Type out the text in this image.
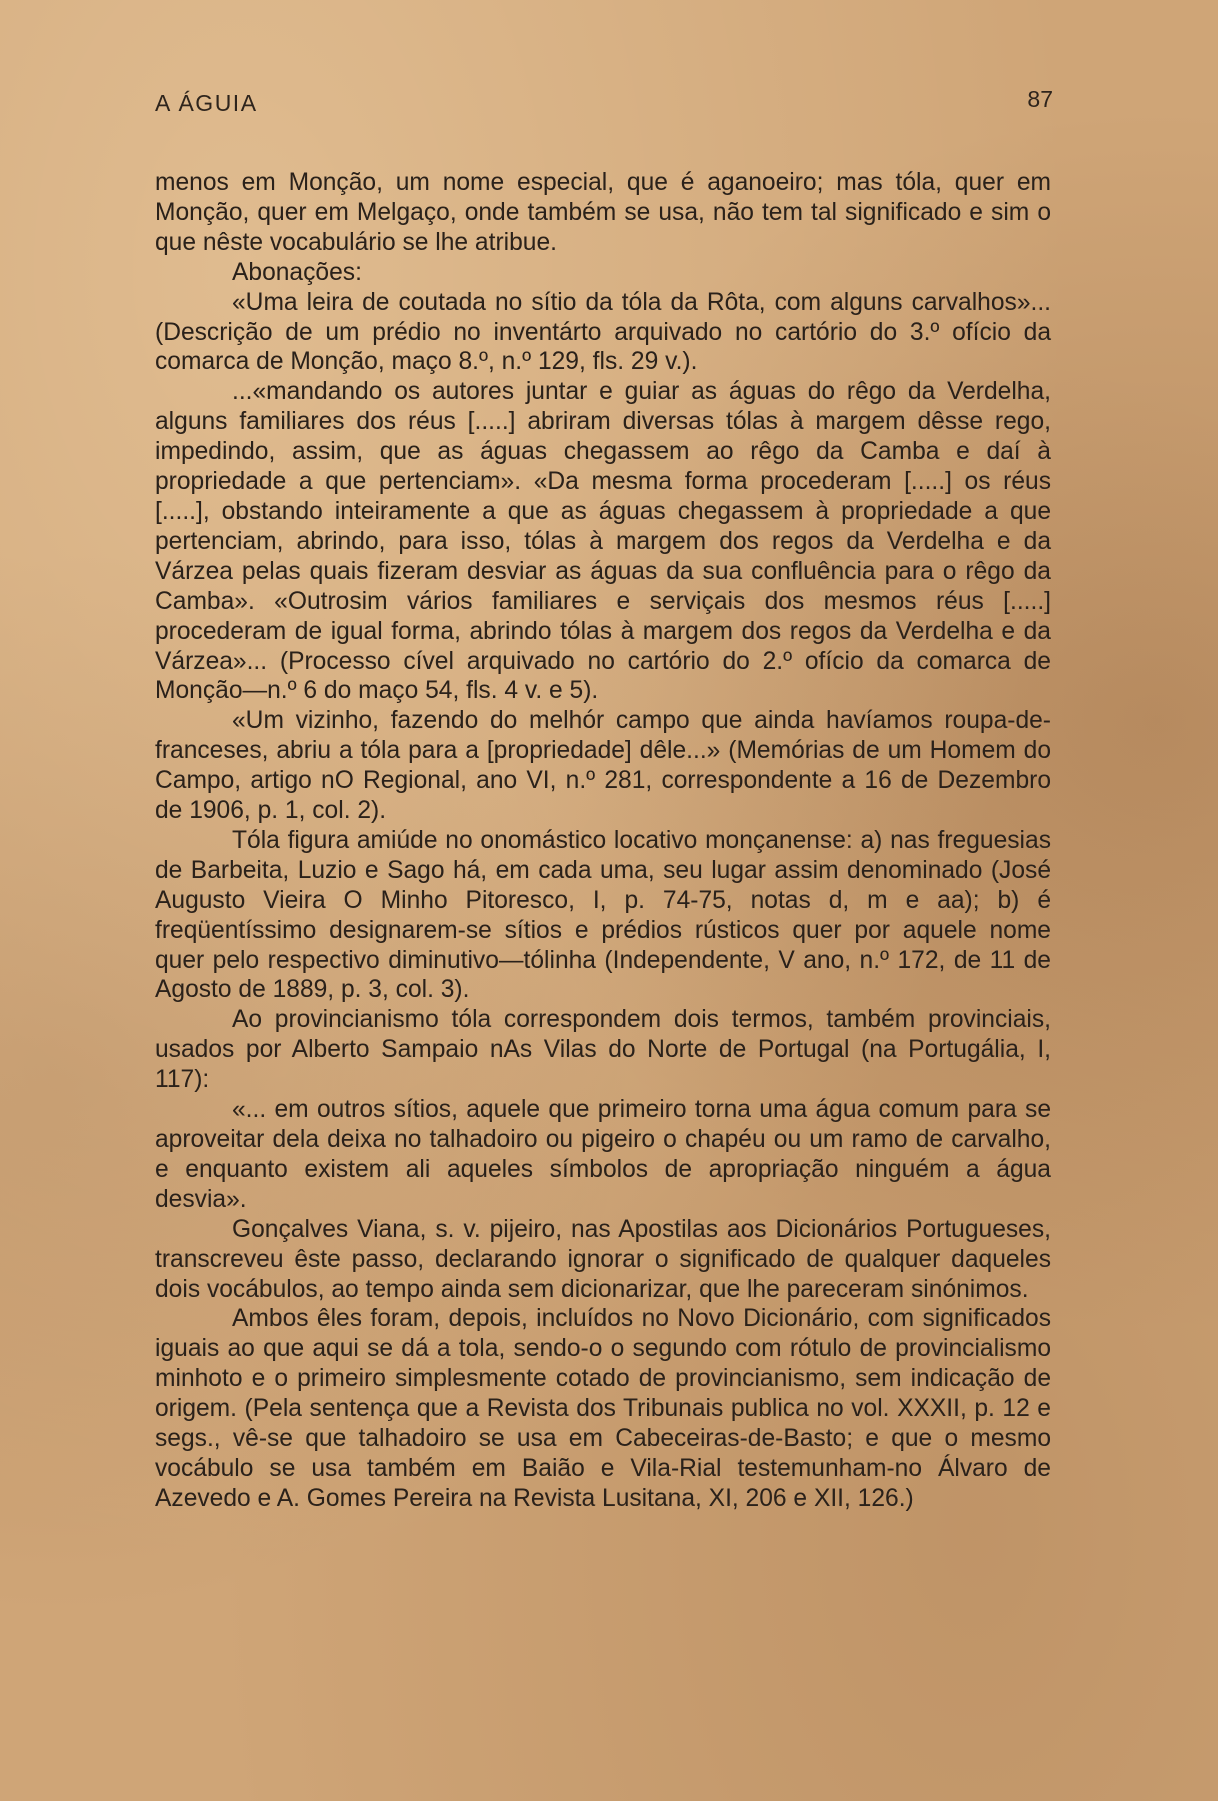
A ÁGUIA	87

menos em Monção, um nome especial, que é aganoeiro; mas tóla, quer em Monção, quer em Melgaço, onde também se usa, não tem tal significado e sim o que nêste vocabulário se lhe atribue.

Abonações:

«Uma leira de coutada no sítio da tóla da Rôta, com alguns carvalhos»... (Descrição de um prédio no inventárto arquivado no cartório do 3.º ofício da comarca de Monção, maço 8.º, n.º 129, fls. 29 v.).

...«mandando os autores juntar e guiar as águas do rêgo da Verdelha, alguns familiares dos réus [.....] abriram diversas tólas à margem dêsse rego, impedindo, assim, que as águas chegassem ao rêgo da Camba e daí à propriedade a que pertenciam». «Da mesma forma procederam [.....] os réus [.....], obstando inteiramente a que as águas chegassem à propriedade a que pertenciam, abrindo, para isso, tólas à margem dos regos da Verdelha e da Várzea pelas quais fizeram desviar as águas da sua confluência para o rêgo da Camba». «Outrosim vários familiares e serviçais dos mesmos réus [.....] procederam de igual forma, abrindo tólas à margem dos regos da Verdelha e da Várzea»... (Processo cível arquivado no cartório do 2.º ofício da comarca de Monção—n.º 6 do maço 54, fls. 4 v. e 5).

«Um vizinho, fazendo do melhór campo que ainda havíamos roupa-de-franceses, abriu a tóla para a [propriedade] dêle...» (Memórias de um Homem do Campo, artigo nO Regional, ano VI, n.º 281, correspondente a 16 de Dezembro de 1906, p. 1, col. 2).

Tóla figura amiúde no onomástico locativo monçanense: a) nas freguesias de Barbeita, Luzio e Sago há, em cada uma, seu lugar assim denominado (José Augusto Vieira O Minho Pitoresco, I, p. 74-75, notas d, m e aa); b) é freqüentíssimo designarem-se sítios e prédios rústicos quer por aquele nome quer pelo respectivo diminutivo—tólinha (Independente, V ano, n.º 172, de 11 de Agosto de 1889, p. 3, col. 3).

Ao provincianismo tóla correspondem dois termos, também provinciais, usados por Alberto Sampaio nAs Vilas do Norte de Portugal (na Portugália, I, 117):

«... em outros sítios, aquele que primeiro torna uma água comum para se aproveitar dela deixa no talhadoiro ou pigeiro o chapéu ou um ramo de carvalho, e enquanto existem ali aqueles símbolos de apropriação ninguém a água desvia».

Gonçalves Viana, s. v. pijeiro, nas Apostilas aos Dicionários Portugueses, transcreveu êste passo, declarando ignorar o significado de qualquer daqueles dois vocábulos, ao tempo ainda sem dicionarizar, que lhe pareceram sinónimos.

Ambos êles foram, depois, incluídos no Novo Dicionário, com significados iguais ao que aqui se dá a tola, sendo-o o segundo com rótulo de provincialismo minhoto e o primeiro simplesmente cotado de provincianismo, sem indicação de origem. (Pela sentença que a Revista dos Tribunais publica no vol. XXXII, p. 12 e segs., vê-se que talhadoiro se usa em Cabeceiras-de-Basto; e que o mesmo vocábulo se usa também em Baião e Vila-Rial testemunham-no Álvaro de Azevedo e A. Gomes Pereira na Revista Lusitana, XI, 206 e XII, 126.)
